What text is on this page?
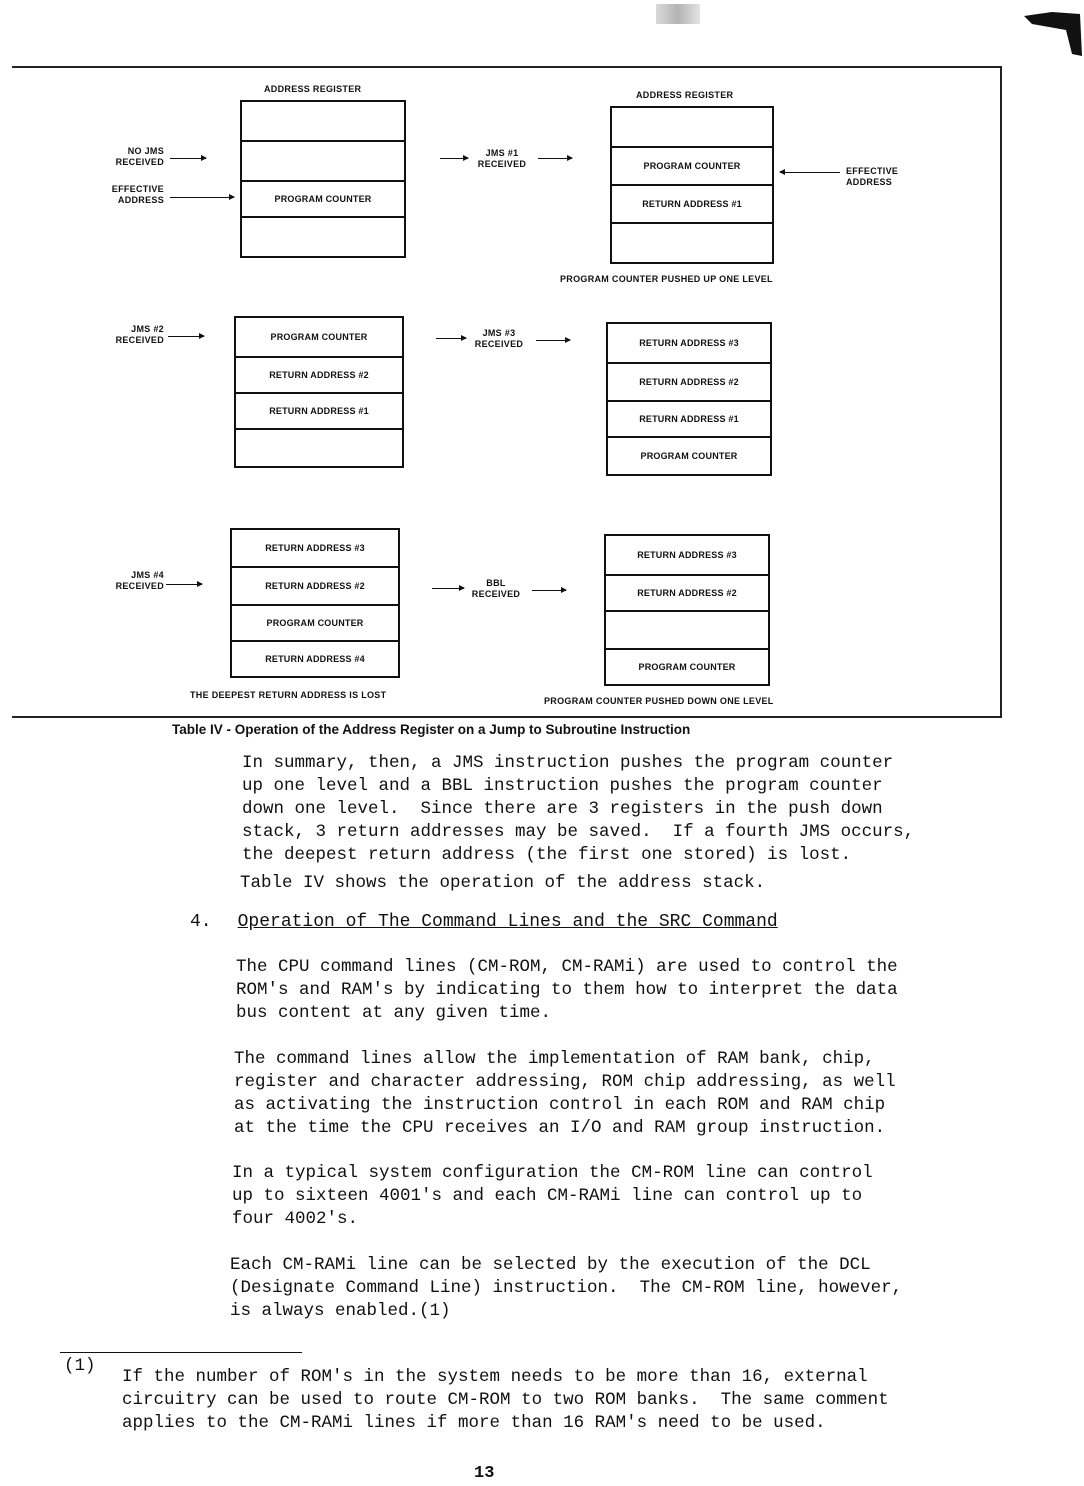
ADDRESS REGISTER
NO JMS
RECEIVED
EFFECTIVE
ADDRESS	PROGRAM COUNTER
JMS #1
RECEIVED
ADDRESS REGISTER
PROGRAM COUNTER
RETURN ADDRESS #1
EFFECTIVE
ADDRESS
PROGRAM COUNTER PUSHED UP ONE LEVEL
JMS #2
RECEIVED	PROGRAM COUNTER
RETURN ADDRESS #2
RETURN ADDRESS #1
JMS #3
RECEIVED	RETURN ADDRESS #3
RETURN ADDRESS #2
RETURN ADDRESS #1
PROGRAM COUNTER
JMS #4
RECEIVED
RETURN ADDRESS #3
RETURN ADDRESS #2
PROGRAM COUNTER
RETURN ADDRESS #4
THE DEEPEST RETURN ADDRESS IS LOST
BBL
RECEIVED
RETURN ADDRESS #3
RETURN ADDRESS #2
PROGRAM COUNTER
PROGRAM COUNTER PUSHED DOWN ONE LEVEL
Table IV - Operation of the Address Register on a Jump to Subroutine Instruction
In summary, then, a JMS instruction pushes the program counter
up one level and a BBL instruction pushes the program counter
down one level.  Since there are 3 registers in the push down
stack, 3 return addresses may be saved.  If a fourth JMS occurs,
the deepest return address (the first one stored) is lost.
Table IV shows the operation of the address stack.
4. Operation of The Command Lines and the SRC Command
The CPU command lines (CM-ROM, CM-RAMi) are used to control the
ROM's and RAM's by indicating to them how to interpret the data
bus content at any given time.
The command lines allow the implementation of RAM bank, chip,
register and character addressing, ROM chip addressing, as well
as activating the instruction control in each ROM and RAM chip
at the time the CPU receives an I/O and RAM group instruction.
In a typical system configuration the CM-ROM line can control
up to sixteen 4001's and each CM-RAMi line can control up to
four 4002's.
Each CM-RAMi line can be selected by the execution of the DCL
(Designate Command Line) instruction.  The CM-ROM line, however,
is always enabled.(1)
(1)
If the number of ROM's in the system needs to be more than 16, external
circuitry can be used to route CM-ROM to two ROM banks.  The same comment
applies to the CM-RAMi lines if more than 16 RAM's need to be used.
13
